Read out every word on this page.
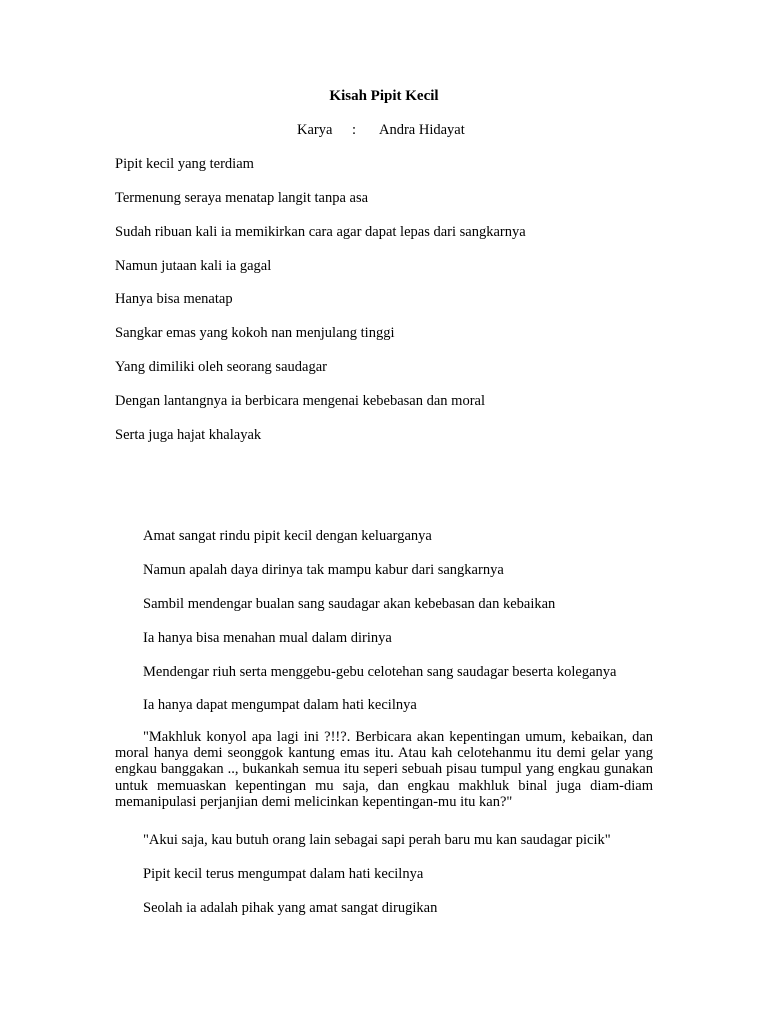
Kisah Pipit Kecil
Karya : Andra Hidayat
Pipit kecil yang terdiam
Termenung seraya menatap langit tanpa asa
Sudah ribuan kali ia memikirkan cara agar dapat lepas dari sangkarnya
Namun jutaan kali ia gagal
Hanya bisa menatap
Sangkar emas yang kokoh nan menjulang tinggi
Yang dimiliki oleh seorang saudagar
Dengan lantangnya ia berbicara mengenai kebebasan dan moral
Serta juga hajat khalayak
Amat sangat rindu pipit kecil dengan keluarganya
Namun apalah daya dirinya tak mampu kabur dari sangkarnya
Sambil mendengar bualan sang saudagar akan kebebasan dan kebaikan
Ia hanya bisa menahan mual dalam dirinya
Mendengar riuh serta menggebu-gebu celotehan sang saudagar beserta koleganya
Ia hanya dapat mengumpat dalam hati kecilnya
"Makhluk konyol apa lagi ini ?!!?. Berbicara akan kepentingan umum, kebaikan, dan moral hanya demi seonggok kantung emas itu. Atau kah celotehanmu itu demi gelar yang engkau banggakan .., bukankah semua itu seperi sebuah pisau tumpul yang engkau gunakan untuk memuaskan kepentingan mu saja, dan engkau makhluk binal juga diam-diam memanipulasi perjanjian demi melicinkan kepentingan-mu itu kan?"
"Akui saja, kau butuh orang lain sebagai sapi perah baru mu kan saudagar picik"
Pipit kecil terus mengumpat dalam hati kecilnya
Seolah ia adalah pihak yang amat sangat dirugikan
